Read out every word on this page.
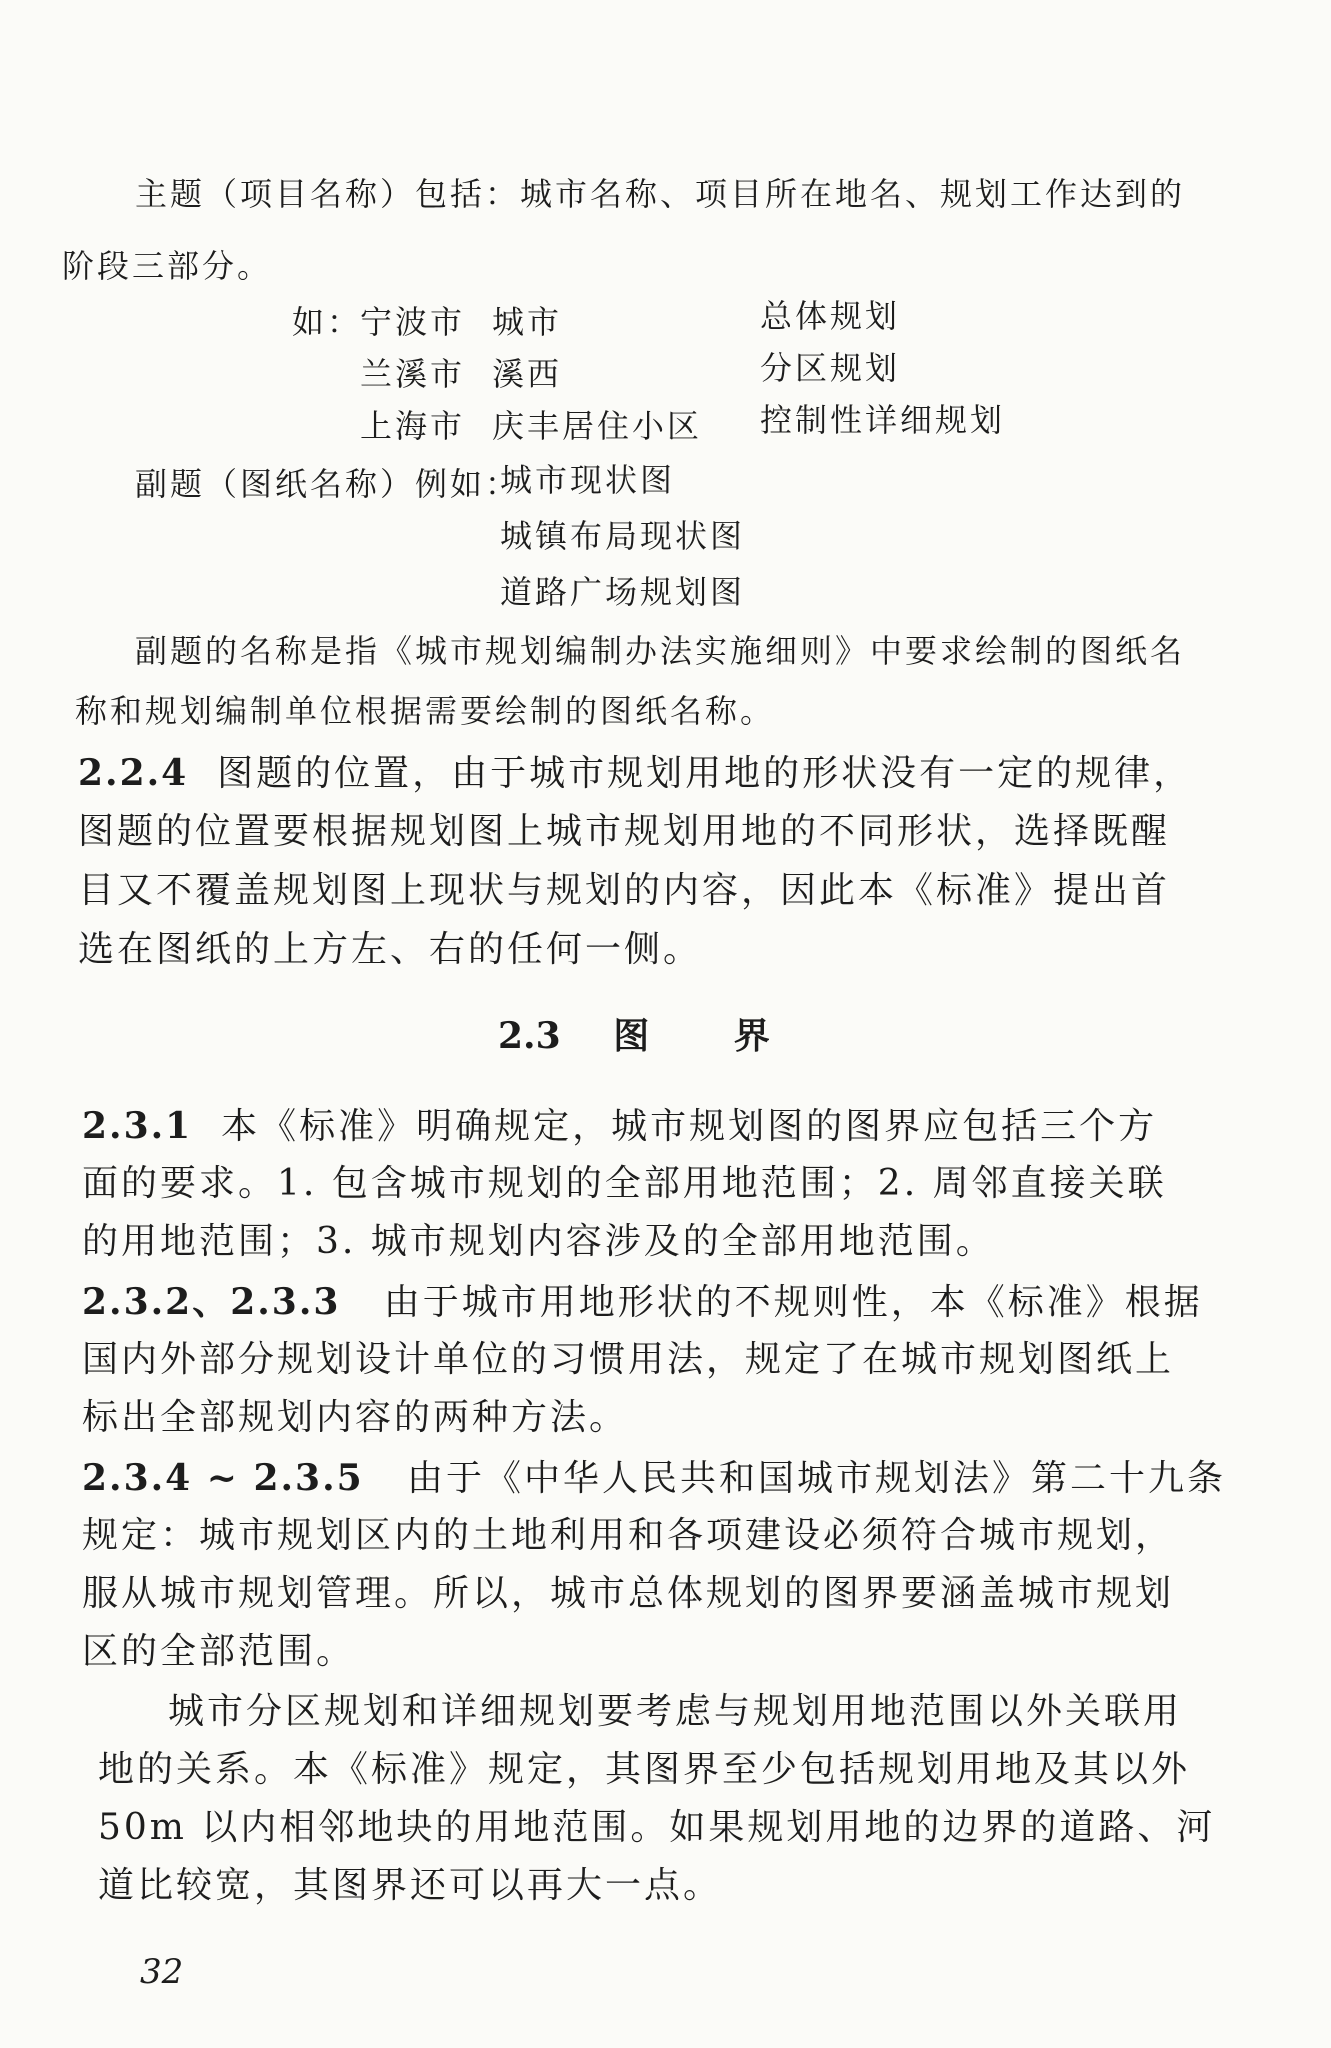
主题（项目名称）包括：城市名称、项目所在地名、规划工作达到的
阶段三部分。
如：
宁波市 城市	总体规划
兰溪市 溪西	分区规划
上海市 庆丰居住小区 控制性详细规划
副题（图纸名称）例如：
城市现状图
城镇布局现状图
道路广场规划图
副题的名称是指《城市规划编制办法实施细则》中要求绘制的图纸名
称和规划编制单位根据需要绘制的图纸名称。
2.2.4 图题的位置，由于城市规划用地的形状没有一定的规律，
图题的位置要根据规划图上城市规划用地的不同形状，选择既醒
目又不覆盖规划图上现状与规划的内容，因此本《标准》提出首
选在图纸的上方左、右的任何一侧。
2.3 图 界
2.3.1 本《标准》明确规定，城市规划图的图界应包括三个方
面的要求。1. 包含城市规划的全部用地范围；2. 周邻直接关联
的用地范围；3. 城市规划内容涉及的全部用地范围。
2.3.2、2.3.3 由于城市用地形状的不规则性，本《标准》根据
国内外部分规划设计单位的习惯用法，规定了在城市规划图纸上
标出全部规划内容的两种方法。
2.3.4 ~ 2.3.5 由于《中华人民共和国城市规划法》第二十九条
规定：城市规划区内的土地利用和各项建设必须符合城市规划，
服从城市规划管理。所以，城市总体规划的图界要涵盖城市规划
区的全部范围。
城市分区规划和详细规划要考虑与规划用地范围以外关联用
地的关系。本《标准》规定，其图界至少包括规划用地及其以外
50m 以内相邻地块的用地范围。如果规划用地的边界的道路、河
道比较宽，其图界还可以再大一点。
32
